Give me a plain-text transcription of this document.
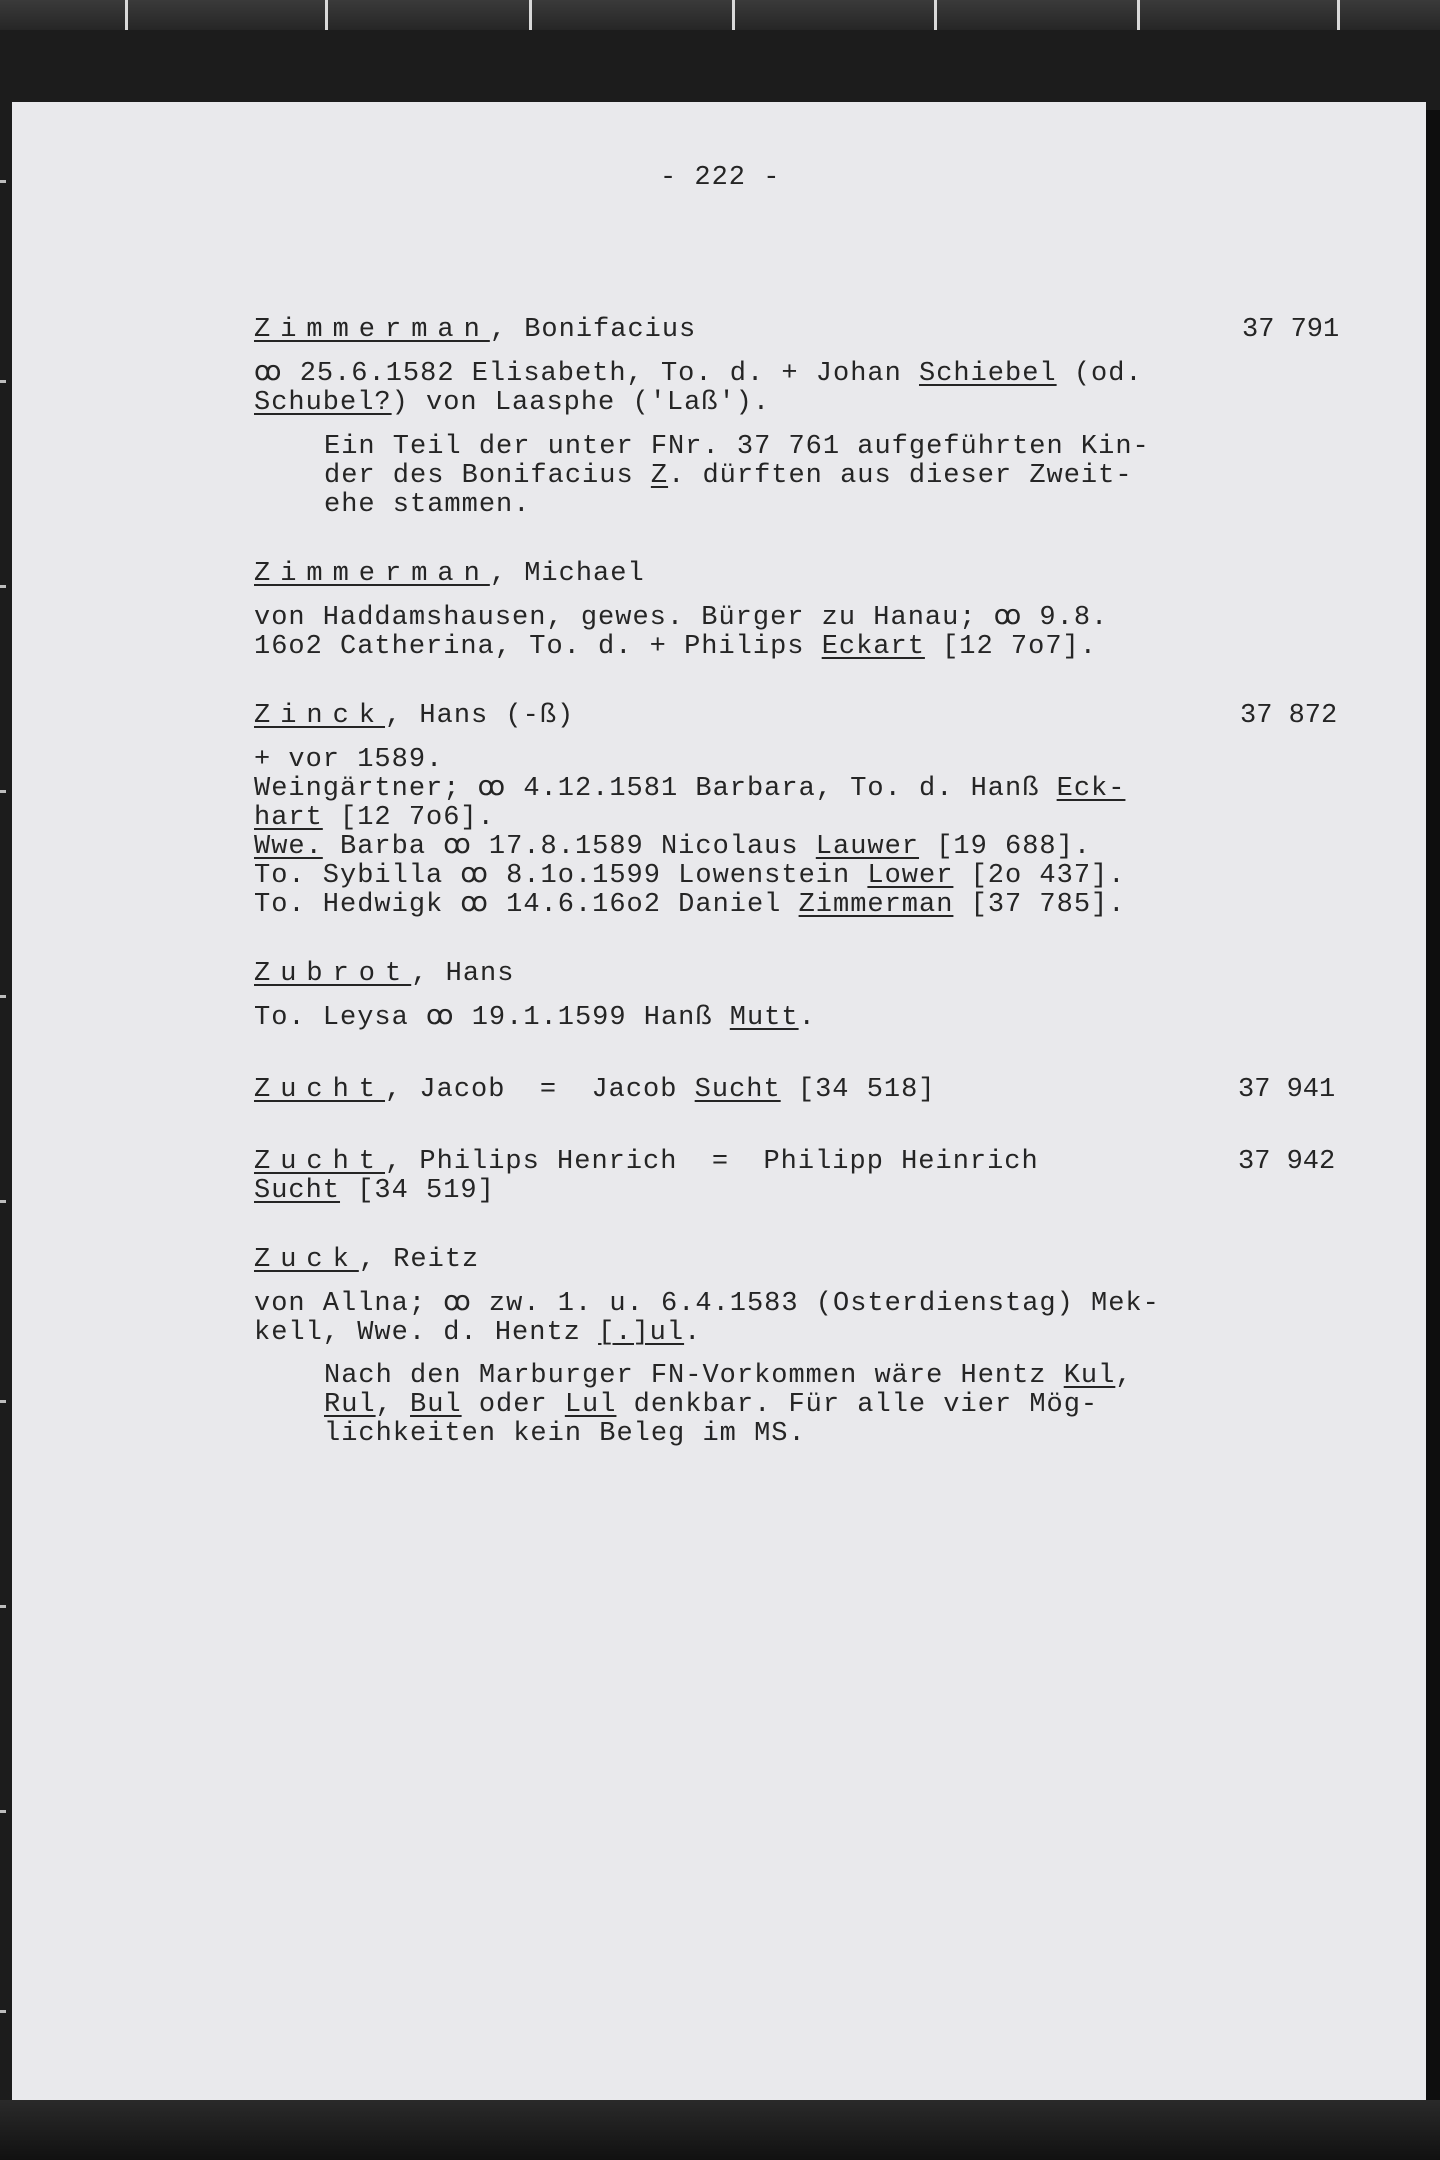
- 222 -
Zimmerman, Bonifacius	37 791
ꝏ 25.6.1582 Elisabeth, To. d. + Johan Schiebel (od.
Schubel?) von Laasphe ('Laß').
Ein Teil der unter FNr. 37 761 aufgeführten Kin-
der des Bonifacius Z. dürften aus dieser Zweit-
ehe stammen.
Zimmerman, Michael
von Haddamshausen, gewes. Bürger zu Hanau; ꝏ 9.8.
16o2 Catherina, To. d. + Philips Eckart [12 7o7].
Zinck, Hans (-ß)	37 872
+ vor 1589.
Weingärtner; ꝏ 4.12.1581 Barbara, To. d. Hanß Eck-
hart [12 7o6].
Wwe. Barba ꝏ 17.8.1589 Nicolaus Lauwer [19 688].
To. Sybilla ꝏ 8.1o.1599 Lowenstein Lower [2o 437].
To. Hedwigk ꝏ 14.6.16o2 Daniel Zimmerman [37 785].
Zubrot, Hans
To. Leysa ꝏ 19.1.1599 Hanß Mutt.
Zucht, Jacob  =  Jacob Sucht [34 518]	37 941
Zucht, Philips Henrich  =  Philipp Heinrich	37 942
Sucht [34 519]
Zuck, Reitz
von Allna; ꝏ zw. 1. u. 6.4.1583 (Osterdienstag) Mek-
kell, Wwe. d. Hentz [.]ul.
Nach den Marburger FN-Vorkommen wäre Hentz Kul,
Rul, Bul oder Lul denkbar. Für alle vier Mög-
lichkeiten kein Beleg im MS.
